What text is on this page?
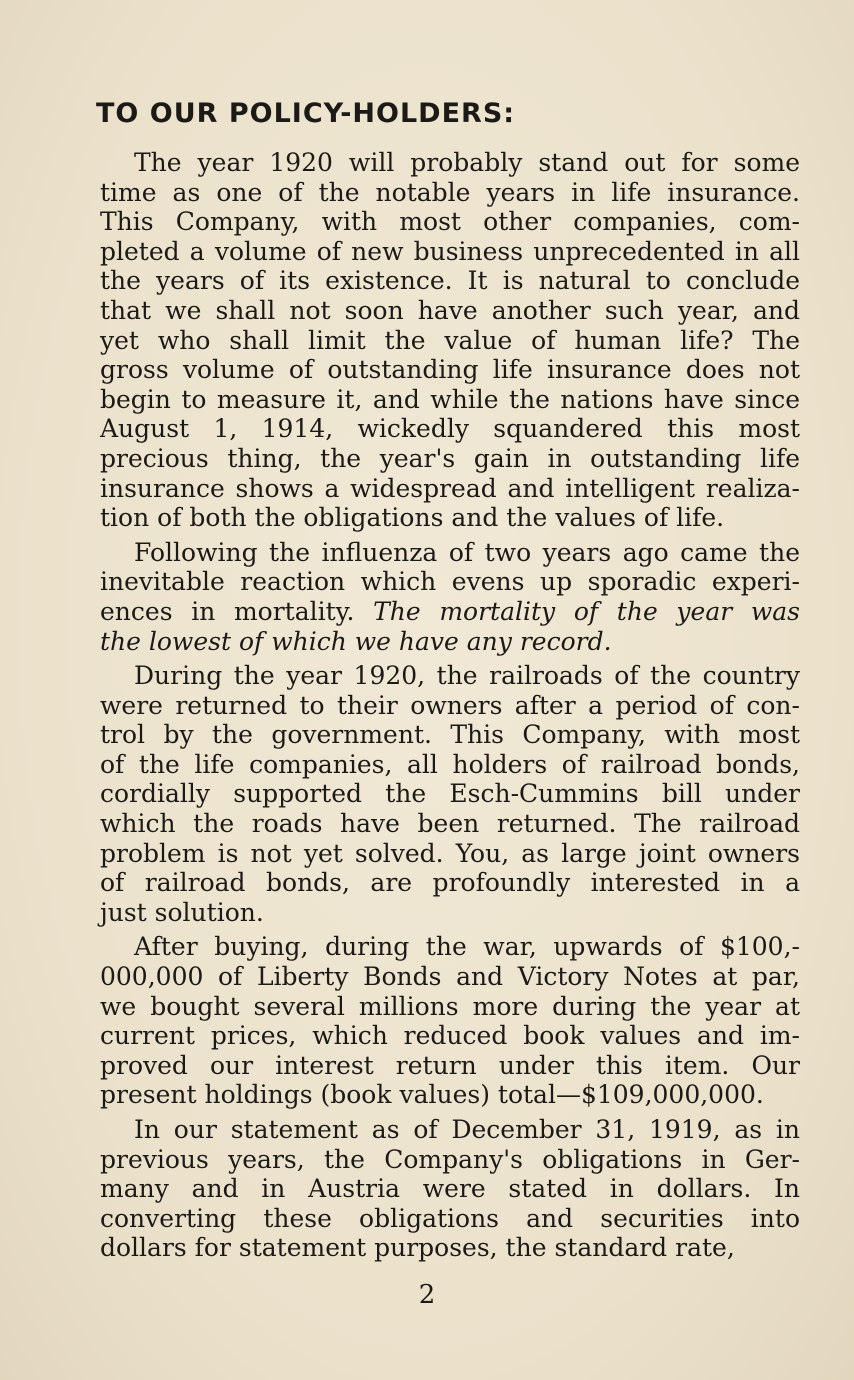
TO OUR POLICY-HOLDERS:
The year 1920 will probably stand out for some
time as one of the notable years in life insurance.
This Company, with most other companies, com-
pleted a volume of new business unprecedented in all
the years of its existence. It is natural to conclude
that we shall not soon have another such year, and
yet who shall limit the value of human life? The
gross volume of outstanding life insurance does not
begin to measure it, and while the nations have since
August 1, 1914, wickedly squandered this most
precious thing, the year's gain in outstanding life
insurance shows a widespread and intelligent realiza-
tion of both the obligations and the values of life.
Following the influenza of two years ago came the
inevitable reaction which evens up sporadic experi-
ences in mortality. The mortality of the year was
the lowest of which we have any record.
During the year 1920, the railroads of the country
were returned to their owners after a period of con-
trol by the government. This Company, with most
of the life companies, all holders of railroad bonds,
cordially supported the Esch-Cummins bill under
which the roads have been returned. The railroad
problem is not yet solved. You, as large joint owners
of railroad bonds, are profoundly interested in a
just solution.
After buying, during the war, upwards of $100,-
000,000 of Liberty Bonds and Victory Notes at par,
we bought several millions more during the year at
current prices, which reduced book values and im-
proved our interest return under this item. Our
present holdings (book values) total—$109,000,000.
In our statement as of December 31, 1919, as in
previous years, the Company's obligations in Ger-
many and in Austria were stated in dollars. In
converting these obligations and securities into
dollars for statement purposes, the standard rate,
2
